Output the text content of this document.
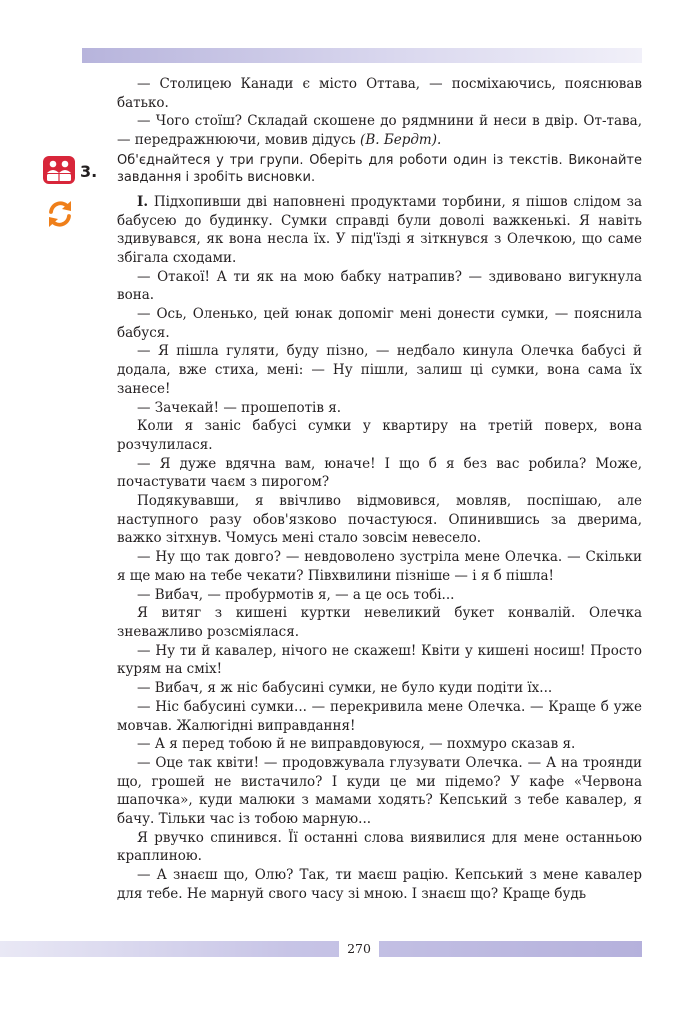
3.

— Столицею Канади є місто Оттава, — посміхаючись, пояснював батько.

— Чого стоїш? Складай скошене до рядмнини й неси в двір. От-тава, — передражнюючи, мовив дідусь (В. Бердт).

Об'єднайтеся у три групи. Оберіть для роботи один із текстів. Виконайте завдання і зробіть висновки.

І. Підхопивши дві наповнені продуктами торбини, я пішов слідом за бабусею до будинку. Сумки справді були доволі важкенькі. Я навіть здивувався, як вона несла їх. У під'їзді я зіткнувся з Олечкою, що саме збігала сходами.

— Отакої! А ти як на мою бабку натрапив? — здивовано вигукнула вона.

— Ось, Оленько, цей юнак допоміг мені донести сумки, — пояснила бабуся.

— Я пішла гуляти, буду пізно, — недбало кинула Олечка бабусі й додала, вже стиха, мені: — Ну пішли, залиш ці сумки, вона сама їх занесе!

— Зачекай! — прошепотів я.

Коли я заніс бабусі сумки у квартиру на третій поверх, вона розчулилася.

— Я дуже вдячна вам, юначе! І що б я без вас робила? Може, почастувати чаєм з пирогом?

Подякувавши, я ввічливо відмовився, мовляв, поспішаю, але наступного разу обов'язково почастуюся. Опинившись за дверима, важко зітхнув. Чомусь мені стало зовсім невесело.

— Ну що так довго? — невдоволено зустріла мене Олечка. — Скільки я ще маю на тебе чекати? Півхвилини пізніше — і я б пішла!

— Вибач, — пробурмотів я, — а це ось тобі...

Я витяг з кишені куртки невеликий букет конвалій. Олечка зневажливо розсміялася.

— Ну ти й кавалер, нічого не скажеш! Квіти у кишені носиш! Просто курям на сміх!

— Вибач, я ж ніс бабусині сумки, не було куди подіти їх...

— Ніс бабусині сумки... — перекривила мене Олечка. — Краще б уже мовчав. Жалюгідні виправдання!

— А я перед тобою й не виправдовуюся, — похмуро сказав я.

— Оце так квіти! — продовжувала глузувати Олечка. — А на троянди що, грошей не вистачило? І куди це ми підемо? У кафе «Червона шапочка», куди малюки з мамами ходять? Кепський з тебе кавалер, я бачу. Тільки час із тобою марную...

Я рвучко спинився. Її останні слова виявилися для мене останньою краплиною.

— А знаєш що, Олю? Так, ти маєш рацію. Кепський з мене кавалер для тебе. Не марнуй свого часу зі мною. І знаєш що? Краще будь

270
